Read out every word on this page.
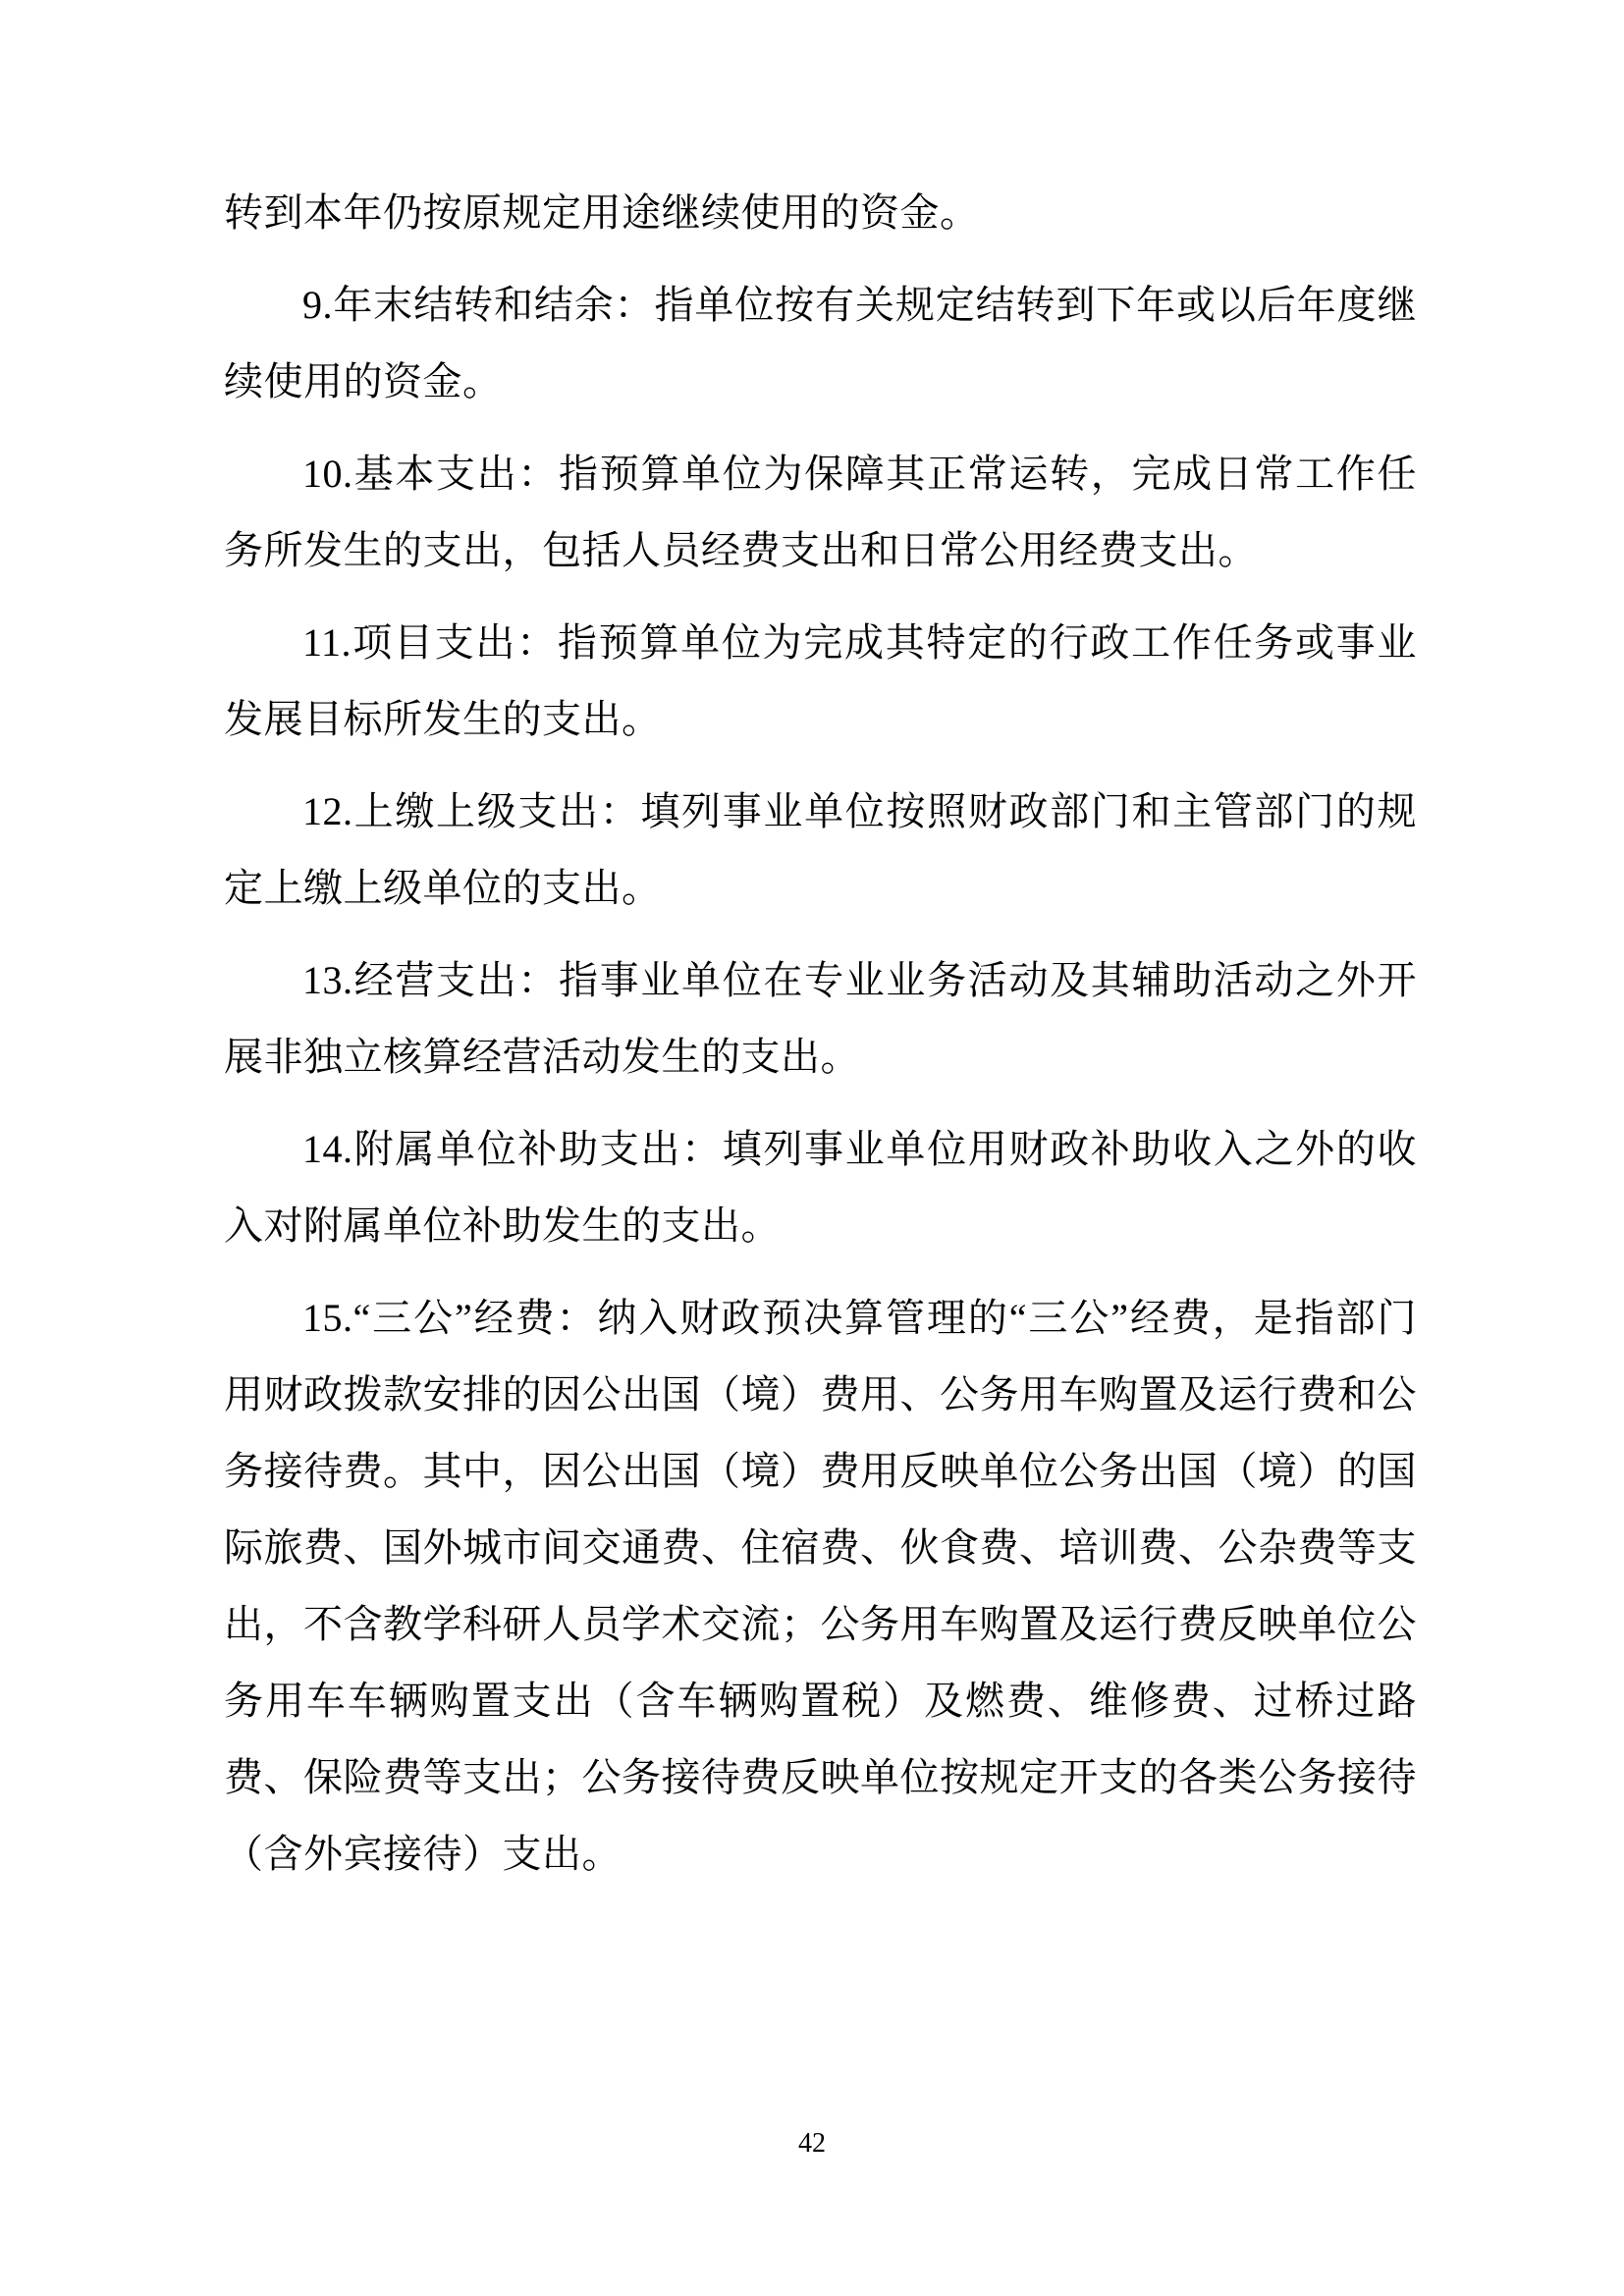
转到本年仍按原规定用途继续使用的资金。

9.年末结转和结余：指单位按有关规定结转到下年或以后年度继续使用的资金。

10.基本支出：指预算单位为保障其正常运转，完成日常工作任务所发生的支出，包括人员经费支出和日常公用经费支出。

11.项目支出：指预算单位为完成其特定的行政工作任务或事业发展目标所发生的支出。

12.上缴上级支出：填列事业单位按照财政部门和主管部门的规定上缴上级单位的支出。

13.经营支出：指事业单位在专业业务活动及其辅助活动之外开展非独立核算经营活动发生的支出。

14.附属单位补助支出：填列事业单位用财政补助收入之外的收入对附属单位补助发生的支出。

15.“三公”经费：纳入财政预决算管理的“三公”经费，是指部门用财政拨款安排的因公出国（境）费用、公务用车购置及运行费和公务接待费。其中，因公出国（境）费用反映单位公务出国（境）的国际旅费、国外城市间交通费、住宿费、伙食费、培训费、公杂费等支出，不含教学科研人员学术交流；公务用车购置及运行费反映单位公务用车车辆购置支出（含车辆购置税）及燃费、维修费、过桥过路费、保险费等支出；公务接待费反映单位按规定开支的各类公务接待（含外宾接待）支出。

42
